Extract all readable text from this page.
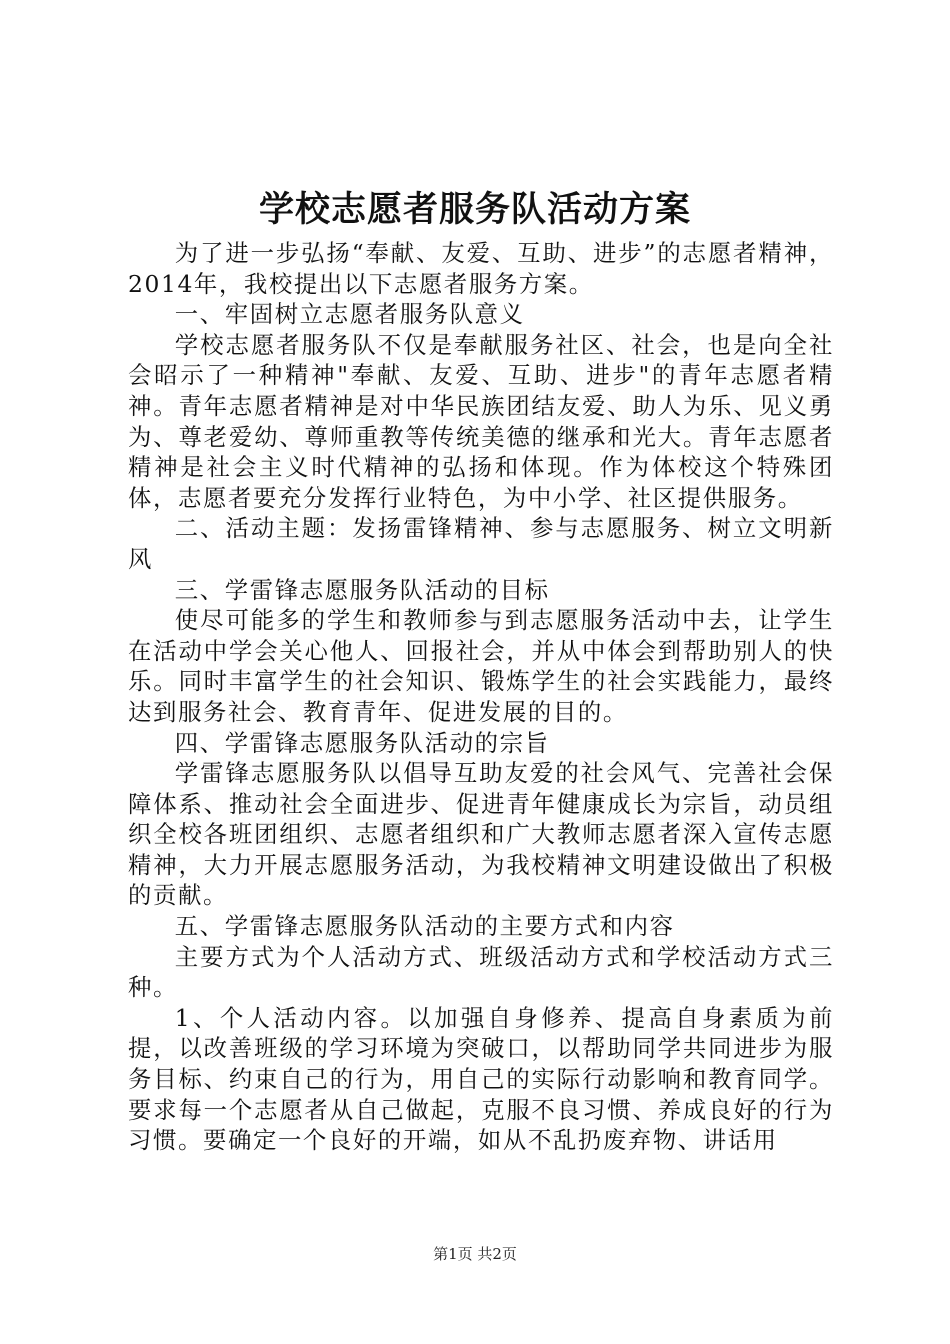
学校志愿者服务队活动方案

为了进一步弘扬“奉献、友爱、互助、进步”的志愿者精神，2014年，我校提出以下志愿者服务方案。

一、牢固树立志愿者服务队意义

学校志愿者服务队不仅是奉献服务社区、社会，也是向全社会昭示了一种精神"奉献、友爱、互助、进步"的青年志愿者精神。青年志愿者精神是对中华民族团结友爱、助人为乐、见义勇为、尊老爱幼、尊师重教等传统美德的继承和光大。青年志愿者精神是社会主义时代精神的弘扬和体现。作为体校这个特殊团体，志愿者要充分发挥行业特色，为中小学、社区提供服务。

二、活动主题：发扬雷锋精神、参与志愿服务、树立文明新风

三、学雷锋志愿服务队活动的目标

使尽可能多的学生和教师参与到志愿服务活动中去，让学生在活动中学会关心他人、回报社会，并从中体会到帮助别人的快乐。同时丰富学生的社会知识、锻炼学生的社会实践能力，最终达到服务社会、教育青年、促进发展的目的。

四、学雷锋志愿服务队活动的宗旨

学雷锋志愿服务队以倡导互助友爱的社会风气、完善社会保障体系、推动社会全面进步、促进青年健康成长为宗旨，动员组织全校各班团组织、志愿者组织和广大教师志愿者深入宣传志愿精神，大力开展志愿服务活动，为我校精神文明建设做出了积极的贡献。

五、学雷锋志愿服务队活动的主要方式和内容

主要方式为个人活动方式、班级活动方式和学校活动方式三种。

1、个人活动内容。以加强自身修养、提高自身素质为前提，以改善班级的学习环境为突破口，以帮助同学共同进步为服务目标、约束自己的行为，用自己的实际行动影响和教育同学。要求每一个志愿者从自己做起，克服不良习惯、养成良好的行为习惯。要确定一个良好的开端，如从不乱扔废弃物、讲话用

第1页 共2页
